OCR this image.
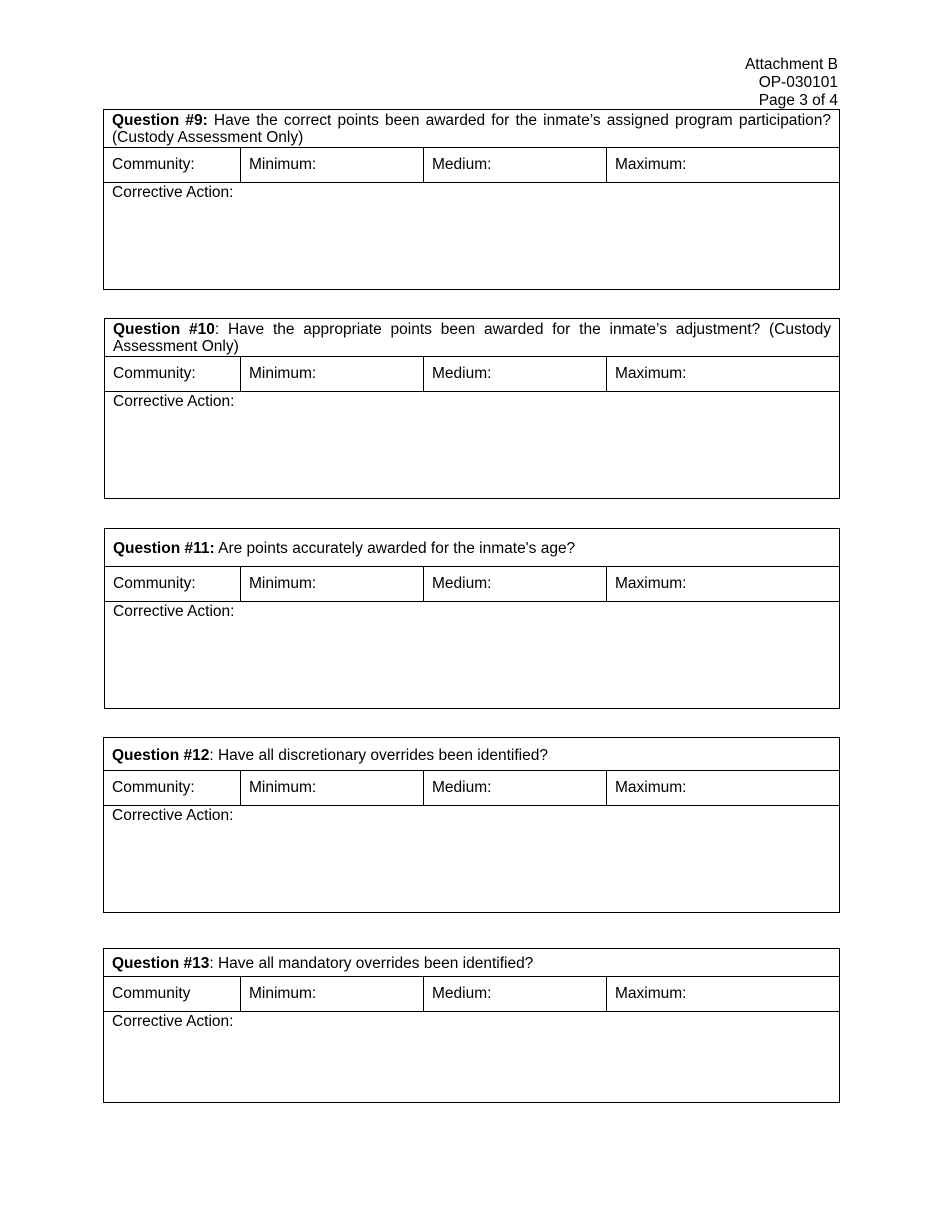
Attachment B
OP-030101
Page 3 of 4
Question #9: Have the correct points been awarded for the inmate’s assigned program participation? (Custody Assessment Only)
Community:	Minimum:	Medium:	Maximum:
Corrective Action:
Question #10: Have the appropriate points been awarded for the inmate’s adjustment? (Custody Assessment Only)
Community:	Minimum:	Medium:	Maximum:
Corrective Action:
Question #11: Are points accurately awarded for the inmate's age?
Community:	Minimum:	Medium:	Maximum:
Corrective Action:
Question #12: Have all discretionary overrides been identified?
Community:	Minimum:	Medium:	Maximum:
Corrective Action:
Question #13: Have all mandatory overrides been identified?
Community	Minimum:	Medium:	Maximum:
Corrective Action:
